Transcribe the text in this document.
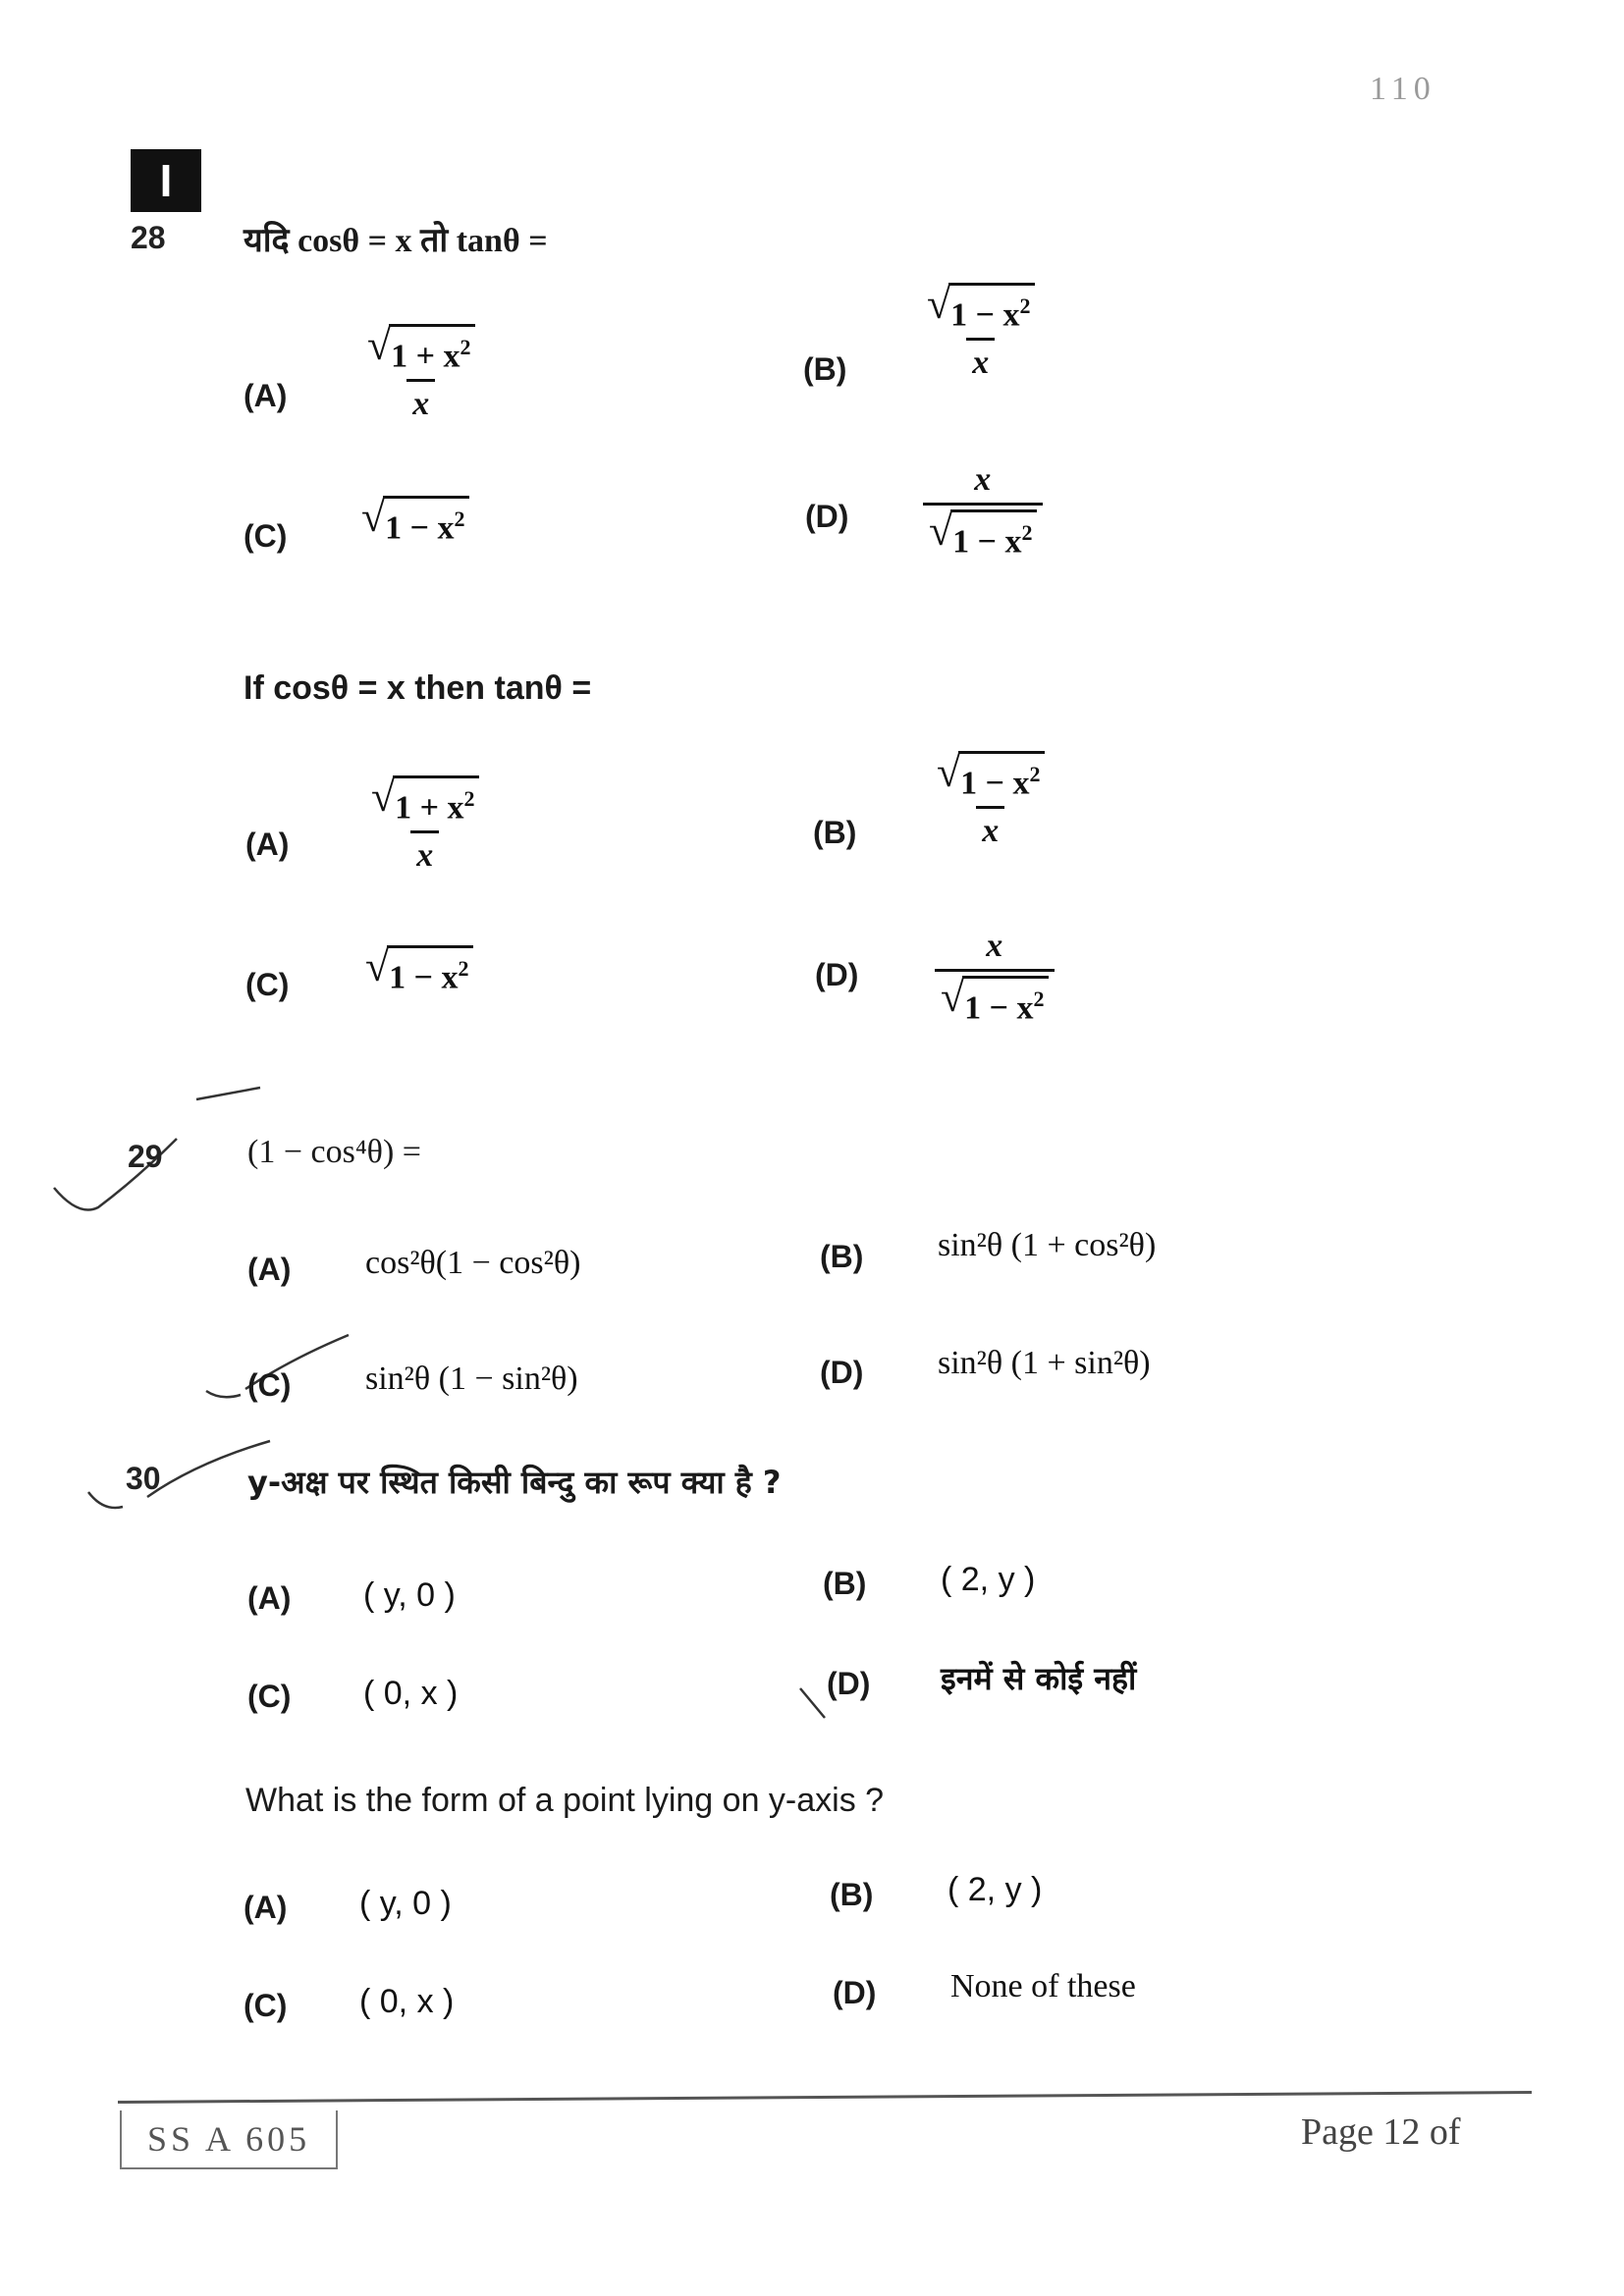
110
I
28 यदि cosθ = x तो tanθ =
$(A) \frac{√ 1 + x^2}{x}$	$(B) \frac{√ 1 - x^2}{x}$
(C) √ $1 - x^2$	$(D) \frac{x}{√ 1 - x^2}$
If cosθ = x then tanθ =
$(A) \frac{√ 1 + x^2}{x}$	$(B) \frac{√ 1 - x^2}{x}$
(C) √ $1 - x^2$	$(D) \frac{x}{√ 1 - x^2}$
29	(1 − cos⁴θ) =
(A) cos²θ(1 − cos²θ)	(B) sin²θ (1 + cos²θ)
(C) sin²θ (1 − sin²θ)	(D) sin²θ (1 + sin²θ)
30	y-अक्ष पर स्थित किसी बिन्दु का रूप क्या है ?
(A) ( y, 0 )	(B) ( 2, y )
(C) ( 0, x )	(D) इनमें से कोई नहीं
What is the form of a point lying on y-axis ?
(A) ( y, 0 )	(B) ( 2, y )
(C) ( 0, x )	(D) None of these
SS A 605	Page 12 of
